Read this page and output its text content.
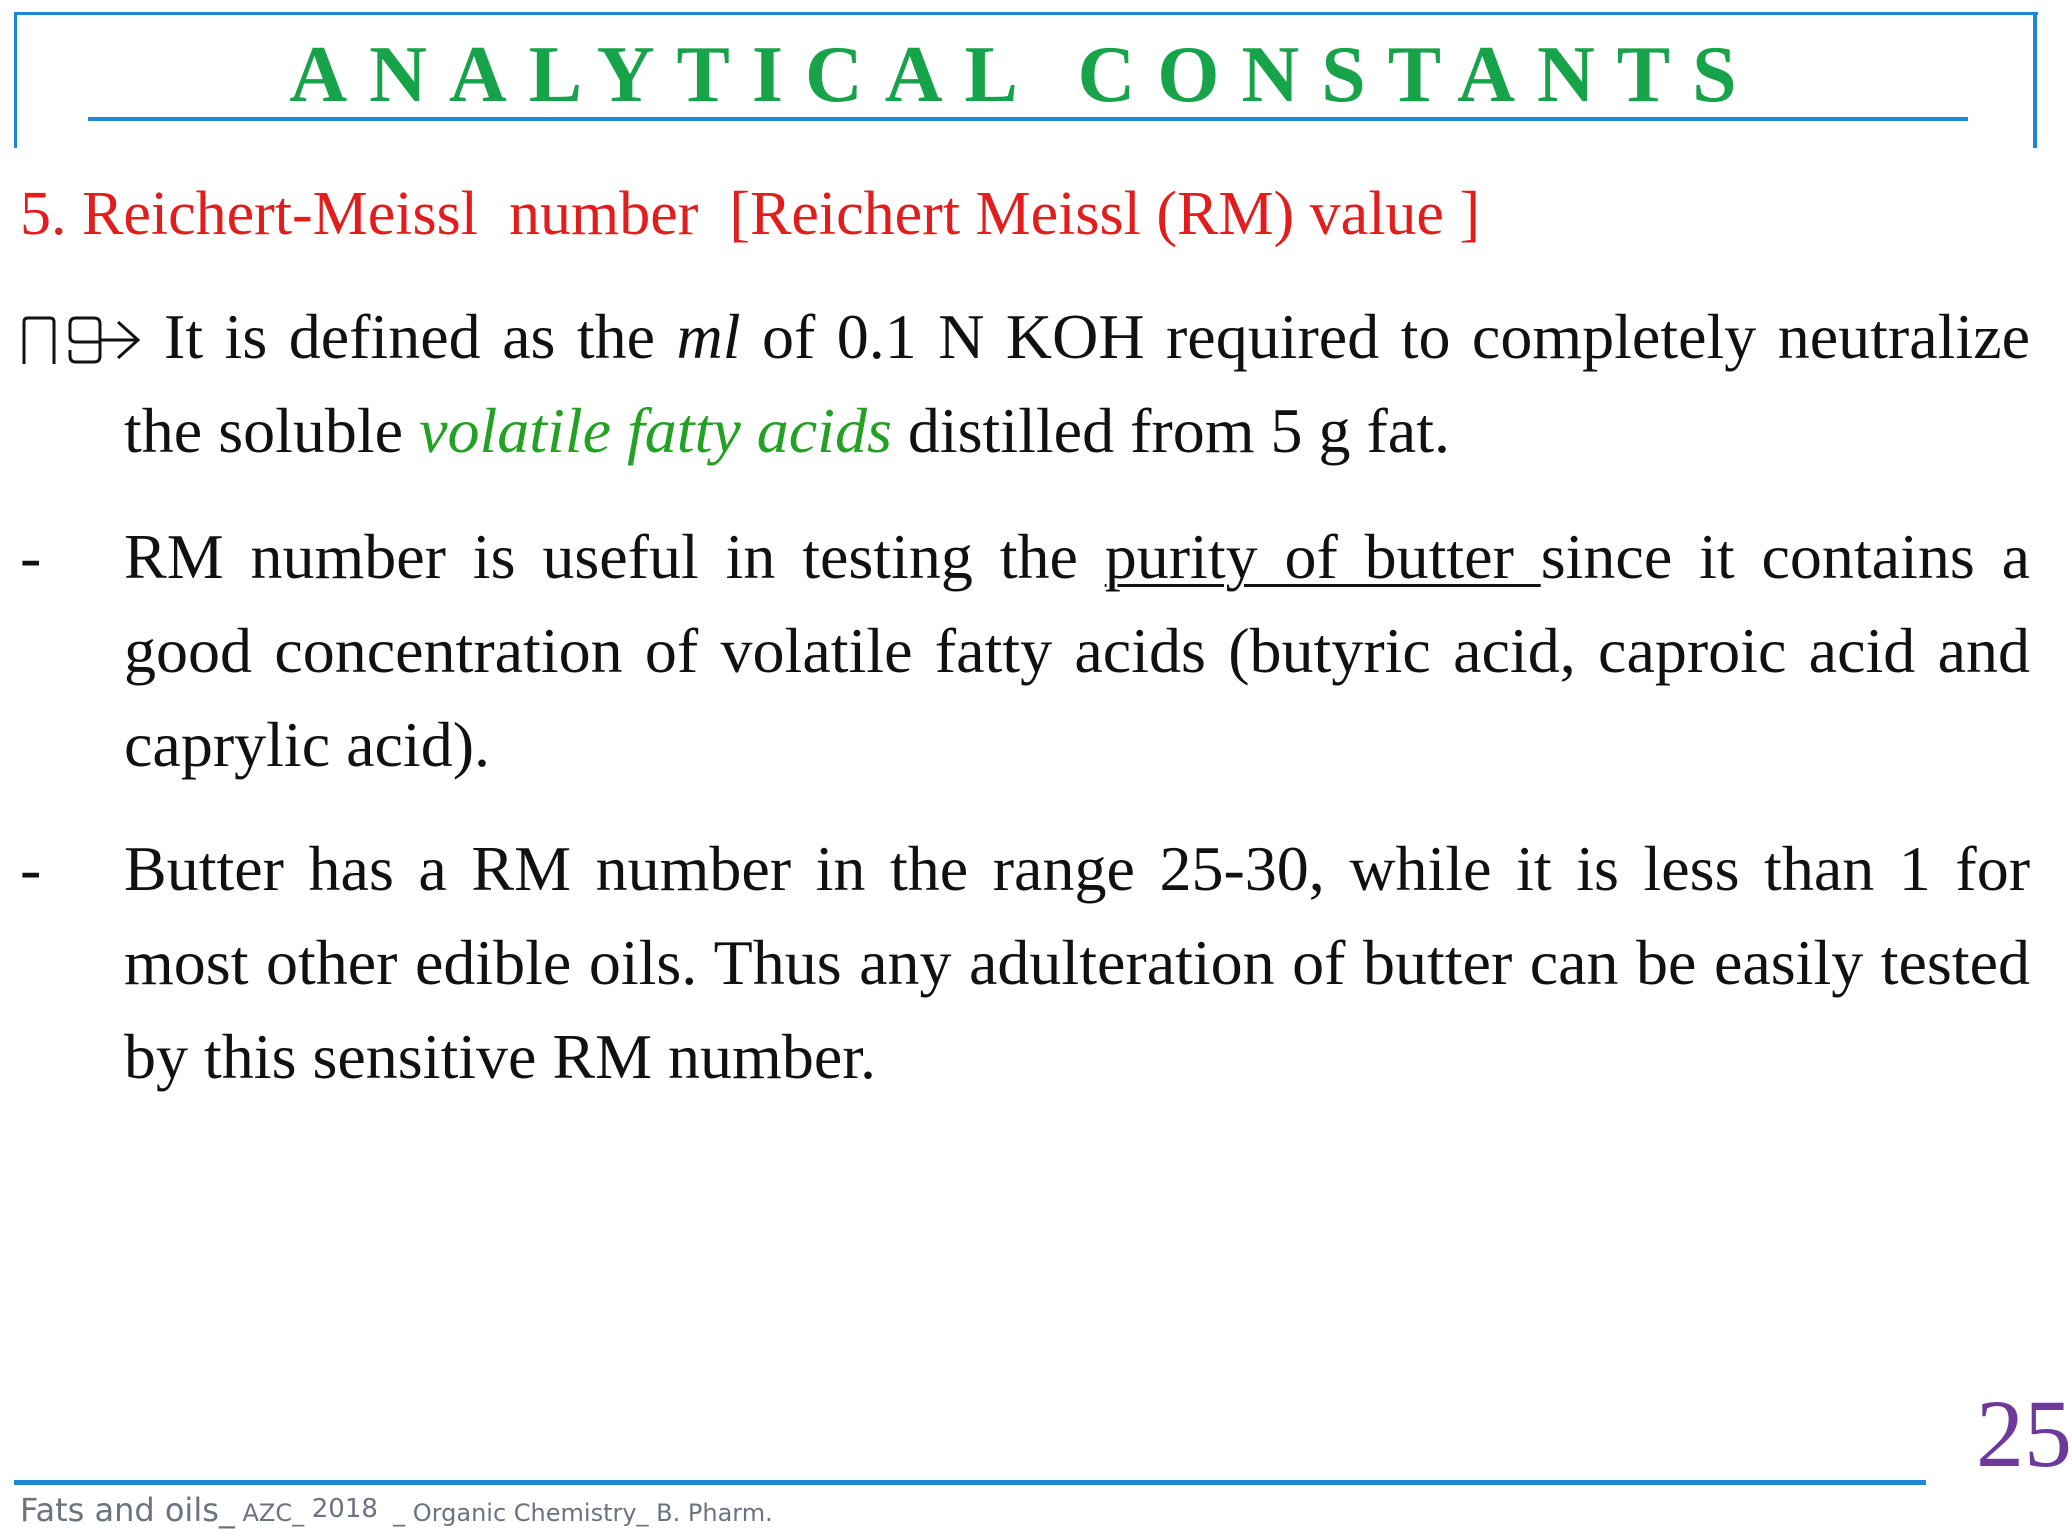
ANALYTICAL CONSTANTS

5. Reichert-Meissl  number  [Reichert Meissl (RM) value ]

It is defined as the ml of 0.1 N KOH required to completely neutralize the soluble volatile fatty acids distilled from 5 g fat.

- RM number is useful in testing the purity of butter since it contains a good concentration of volatile fatty acids (butyric acid, caproic acid and caprylic acid).

- Butter has a RM number in the range 25-30, while it is less than 1 for most other edible oils. Thus any adulteration of butter can be easily tested by this sensitive RM number.

Fats and oils_ AZC_ 2018  _ Organic Chemistry_ B. Pharm.
25
